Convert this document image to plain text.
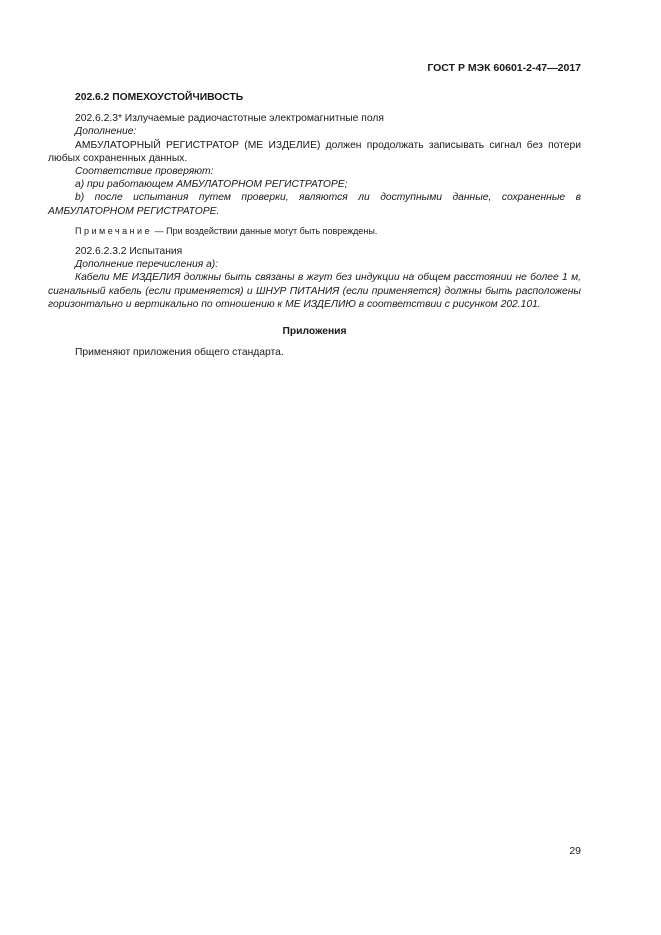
ГОСТ Р МЭК 60601-2-47—2017
202.6.2 ПОМЕХОУСТОЙЧИВОСТЬ

202.6.2.3* Излучаемые радиочастотные электромагнитные поля

Дополнение:

АМБУЛАТОРНЫЙ РЕГИСТРАТОР (МЕ ИЗДЕЛИЕ) должен продолжать записывать сигнал без потери любых сохраненных данных.

Соответствие проверяют:

a) при работающем АМБУЛАТОРНОМ РЕГИСТРАТОРЕ;

b) после испытания путем проверки, являются ли доступными данные, сохраненные в АМБУЛАТОРНОМ РЕГИСТРАТОРЕ.

Примечание — При воздействии данные могут быть повреждены.

202.6.2.3.2 Испытания

Дополнение перечисления а):

Кабели МЕ ИЗДЕЛИЯ должны быть связаны в жгут без индукции на общем расстоянии не более 1 м, сигнальный кабель (если применяется) и ШНУР ПИТАНИЯ (если применяется) должны быть расположены горизонтально и вертикально по отношению к МЕ ИЗДЕЛИЮ в соответствии с рисунком 202.101.

Приложения

Применяют приложения общего стандарта.

29
